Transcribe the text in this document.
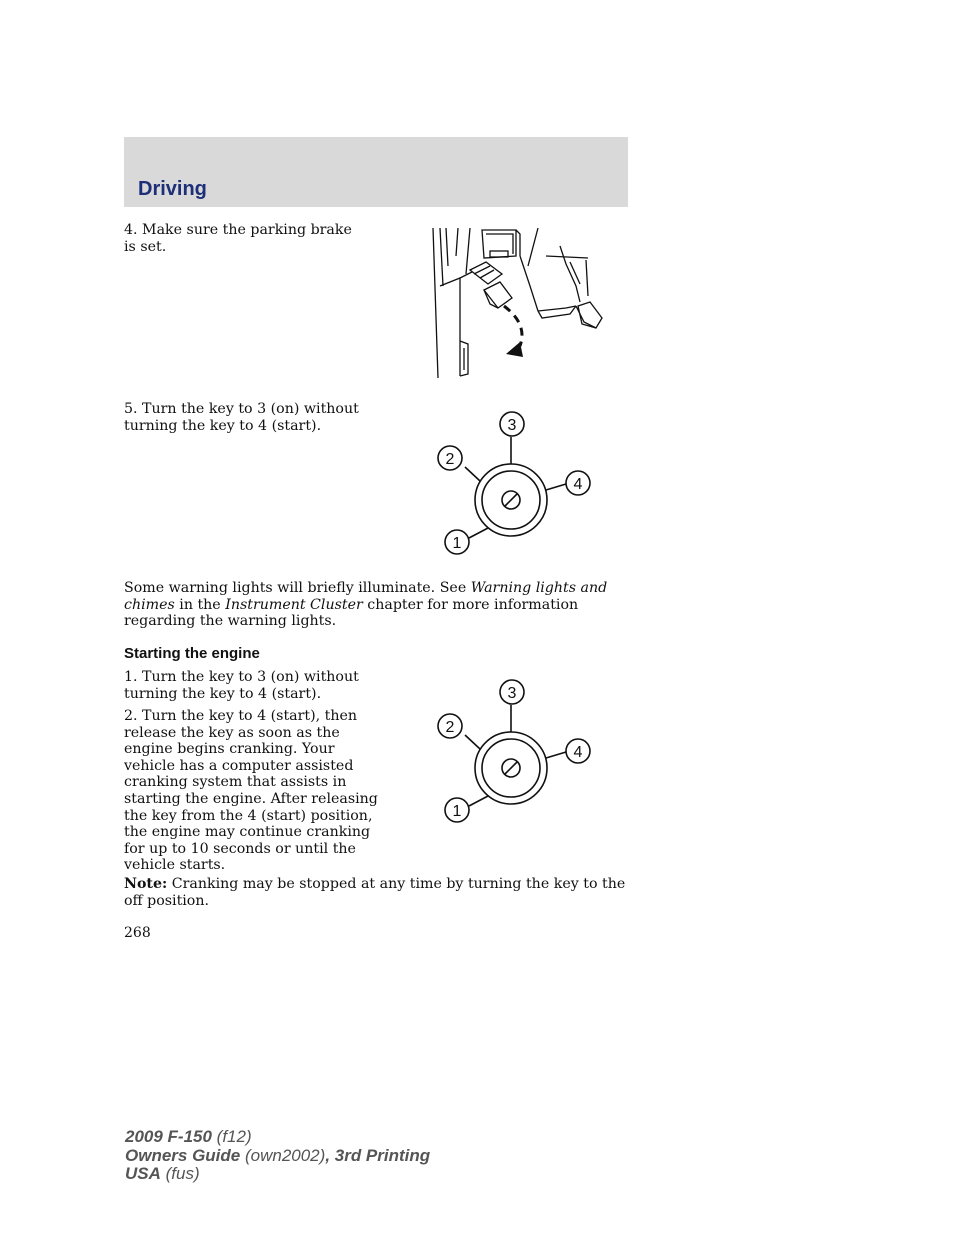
Driving
4. Make sure the parking brake is set.
5. Turn the key to 3 (on) without turning the key to 4 (start).	3
2
4
1
Some warning lights will briefly illuminate. See Warning lights and chimes in the Instrument Cluster chapter for more information regarding the warning lights.
Starting the engine
1. Turn the key to 3 (on) without turning the key to 4 (start).
2. Turn the key to 4 (start), then release the key as soon as the engine begins cranking. Your vehicle has a computer assisted cranking system that assists in starting the engine. After releasing the key from the 4 (start) position, the engine may continue cranking for up to 10 seconds or until the vehicle starts.
3
2
4
1
Note: Cranking may be stopped at any time by turning the key to the off position.
268
2009 F-150 (f12)
Owners Guide (own2002), 3rd Printing
USA (fus)
